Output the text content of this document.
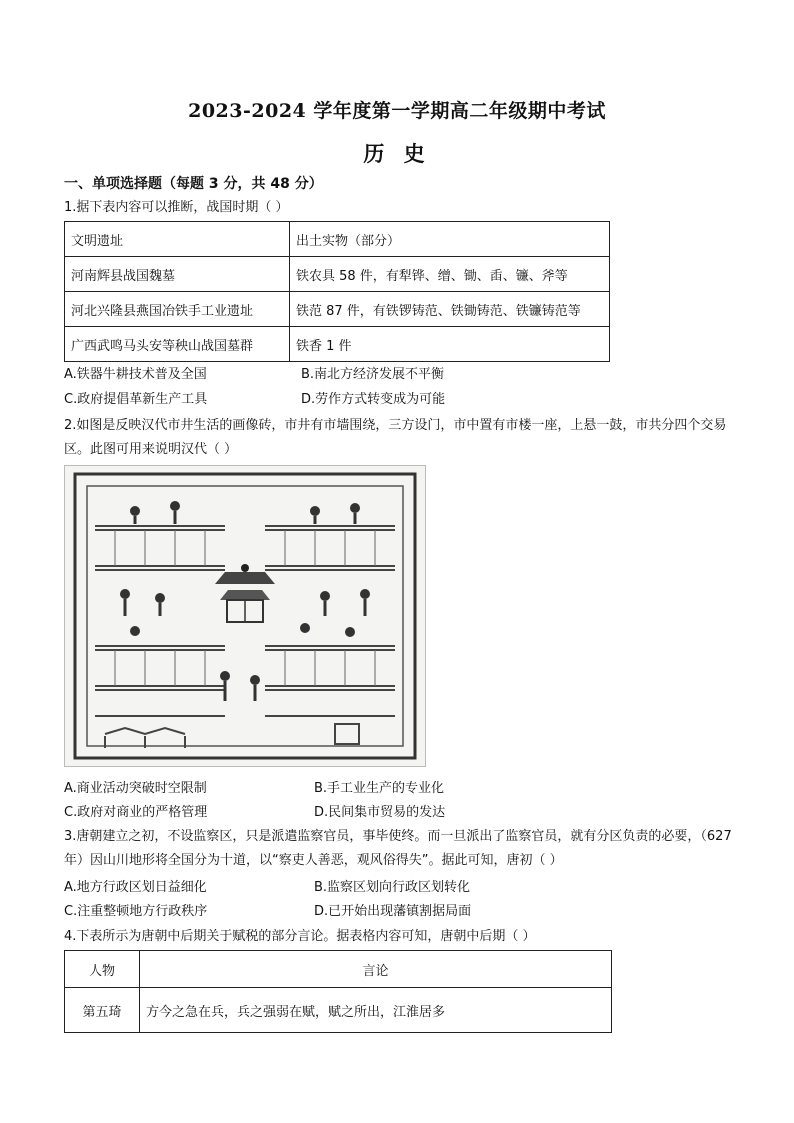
2023-2024 学年度第一学期高二年级期中考试
历 史
一、单项选择题（每题 3 分，共 48 分）
1.据下表内容可以推断，战国时期（ ）
文明遗址	出土实物（部分）
河南辉县战国魏墓	铁农具 58 件，有犁铧、缯、锄、臿、镰、斧等
河北兴隆县燕国冶铁手工业遗址	铁范 87 件，有铁锣铸范、铁锄铸范、铁镰铸范等
广西武鸣马头安等秧山战国墓群	铁香 1 件
A.铁器牛耕技术普及全国	B.南北方经济发展不平衡
C.政府提倡革新生产工具	D.劳作方式转变成为可能
2.如图是反映汉代市井生活的画像砖，市井有市墙围绕，三方设门，市中置有市楼一座，上悬一鼓，市共分四个交易区。此图可用来说明汉代（ ）
A.商业活动突破时空限制	B.手工业生产的专业化
C.政府对商业的严格管理	D.民间集市贸易的发达
3.唐朝建立之初，不设监察区，只是派遣监察官员，事毕使终。而一旦派出了监察官员，就有分区负责的必要，（627 年）因山川地形将全国分为十道，以“察吏人善恶，观风俗得失”。据此可知，唐初（ ）
A.地方行政区划日益细化	B.监察区划向行政区划转化
C.注重整顿地方行政秩序	D.已开始出现藩镇割据局面
4.下表所示为唐朝中后期关于赋税的部分言论。据表格内容可知，唐朝中后期（ ）
人物	言论
第五琦	方今之急在兵，兵之强弱在赋，赋之所出，江淮居多
